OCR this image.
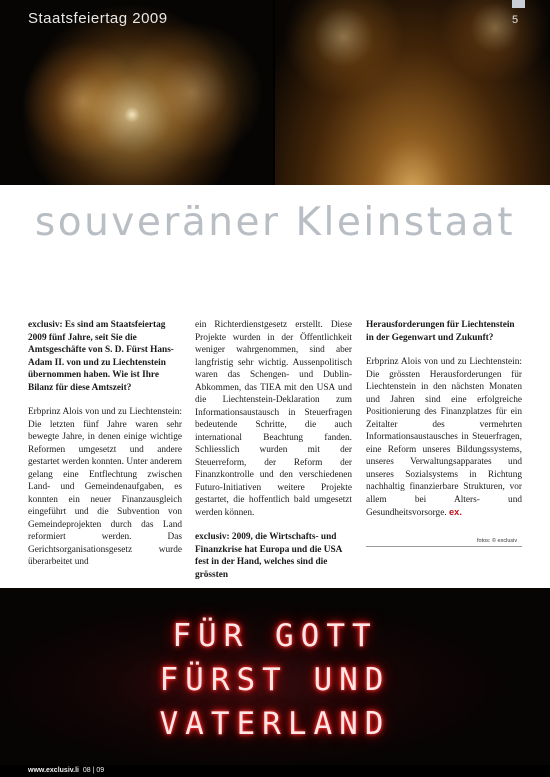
Staatsfeiertag 2009	5
souveräner Kleinstaat

exclusiv: Es sind am Staatsfeiertag 2009 fünf Jahre, seit Sie die Amtsgeschäfte von S. D. Fürst Hans-Adam II. von und zu Liechtenstein übernommen haben. Wie ist Ihre Bilanz für diese Amtszeit?

Erbprinz Alois von und zu Liechtenstein: Die letzten fünf Jahre waren sehr bewegte Jahre, in denen einige wichtige Reformen umgesetzt und andere gestartet werden konnten. Unter anderem gelang eine Entflechtung zwischen Land- und Gemeindenaufgaben, es konnten ein neuer Finanzausgleich eingeführt und die Subvention von Gemeindeprojekten durch das Land reformiert werden. Das Gerichtsorganisationsgesetz wurde überarbeitet und

ein Richterdienstgesetz erstellt. Diese Projekte wurden in der Öffentlichkeit weniger wahrgenommen, sind aber langfristig sehr wichtig. Aussenpolitisch waren das Schengen- und Dublin-Abkommen, das TIEA mit den USA und die Liechtenstein-Deklaration zum Informationsaustausch in Steuerfragen bedeutende Schritte, die auch international Beachtung fanden. Schliesslich wurden mit der Steuerreform, der Reform der Finanzkontrolle und den verschiedenen Futuro-Initiativen weitere Projekte gestartet, die hoffentlich bald umgesetzt werden können.

exclusiv: 2009, die Wirtschafts- und Finanzkrise hat Europa und die USA fest in der Hand, welches sind die grössten

Herausforderungen für Liechtenstein in der Gegenwart und Zukunft?

Erbprinz Alois von und zu Liechtenstein: Die grössten Herausforderungen für Liechtenstein in den nächsten Monaten und Jahren sind eine erfolgreiche Positionierung des Finanzplatzes für ein Zeitalter des vermehrten Informationsaustausches in Steuerfragen, eine Reform unseres Bildungssystems, unseres Verwaltungsapparates und unseres Sozialsystems in Richtung nachhaltig finanzierbare Strukturen, vor allem bei Alters- und Gesundheitsvorsorge. ex.

fotos: © exclusiv
FÜR GOTT
FÜRST UND
VATERLAND
www.exclusiv.li 08 | 09
